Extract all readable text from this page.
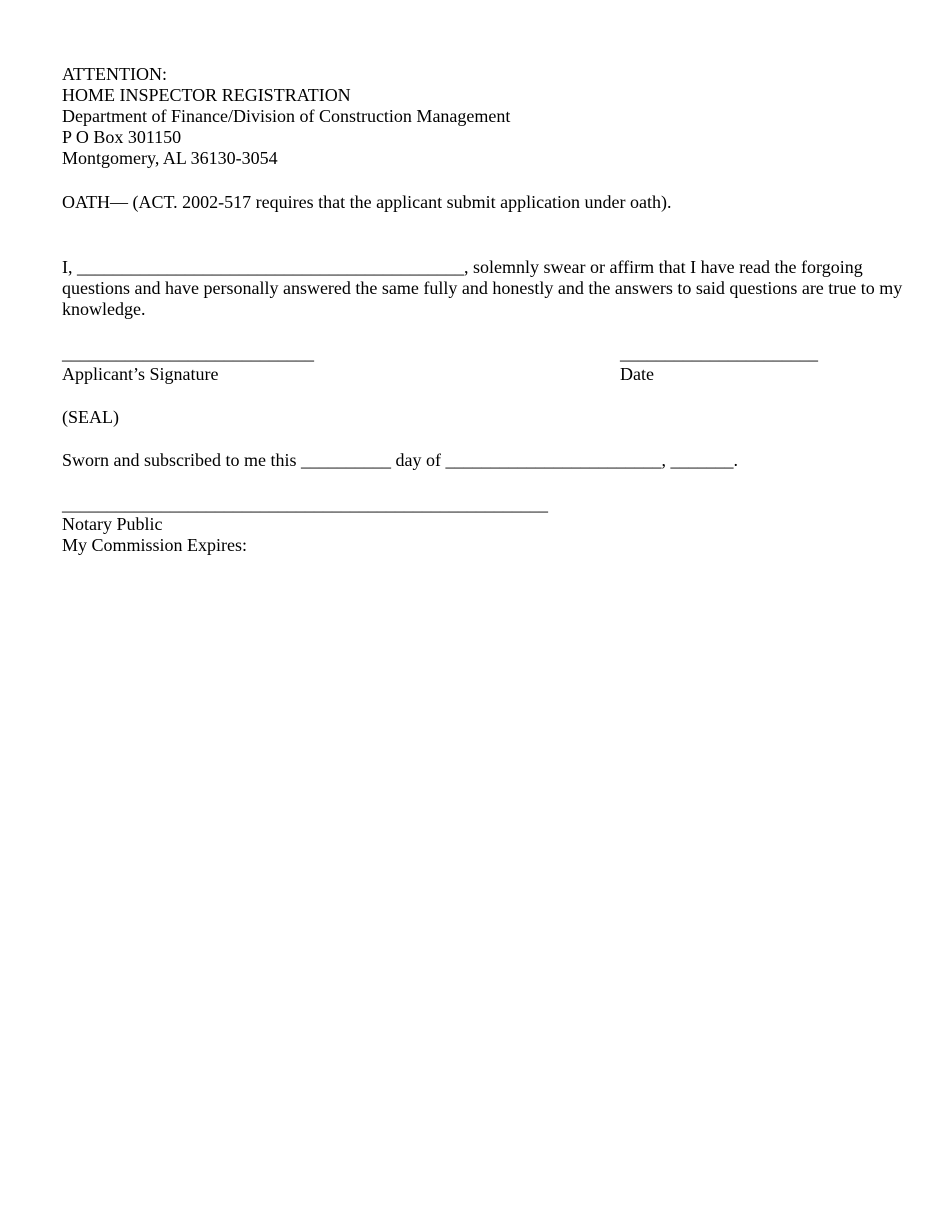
ATTENTION:
HOME INSPECTOR REGISTRATION
Department of Finance/Division of Construction Management
P O Box 301150
Montgomery, AL 36130-3054
OATH— (ACT. 2002-517 requires that the applicant submit application under oath).
I, ___________________________________________, solemnly swear or affirm that I have read the forgoing questions and have personally answered the same fully and honestly and the answers to said questions are true to my knowledge.
____________________________
Applicant’s Signature
______________________
Date
(SEAL)
Sworn and subscribed to me this __________ day of ________________________, _______.
______________________________________________________
Notary Public
My Commission Expires:
